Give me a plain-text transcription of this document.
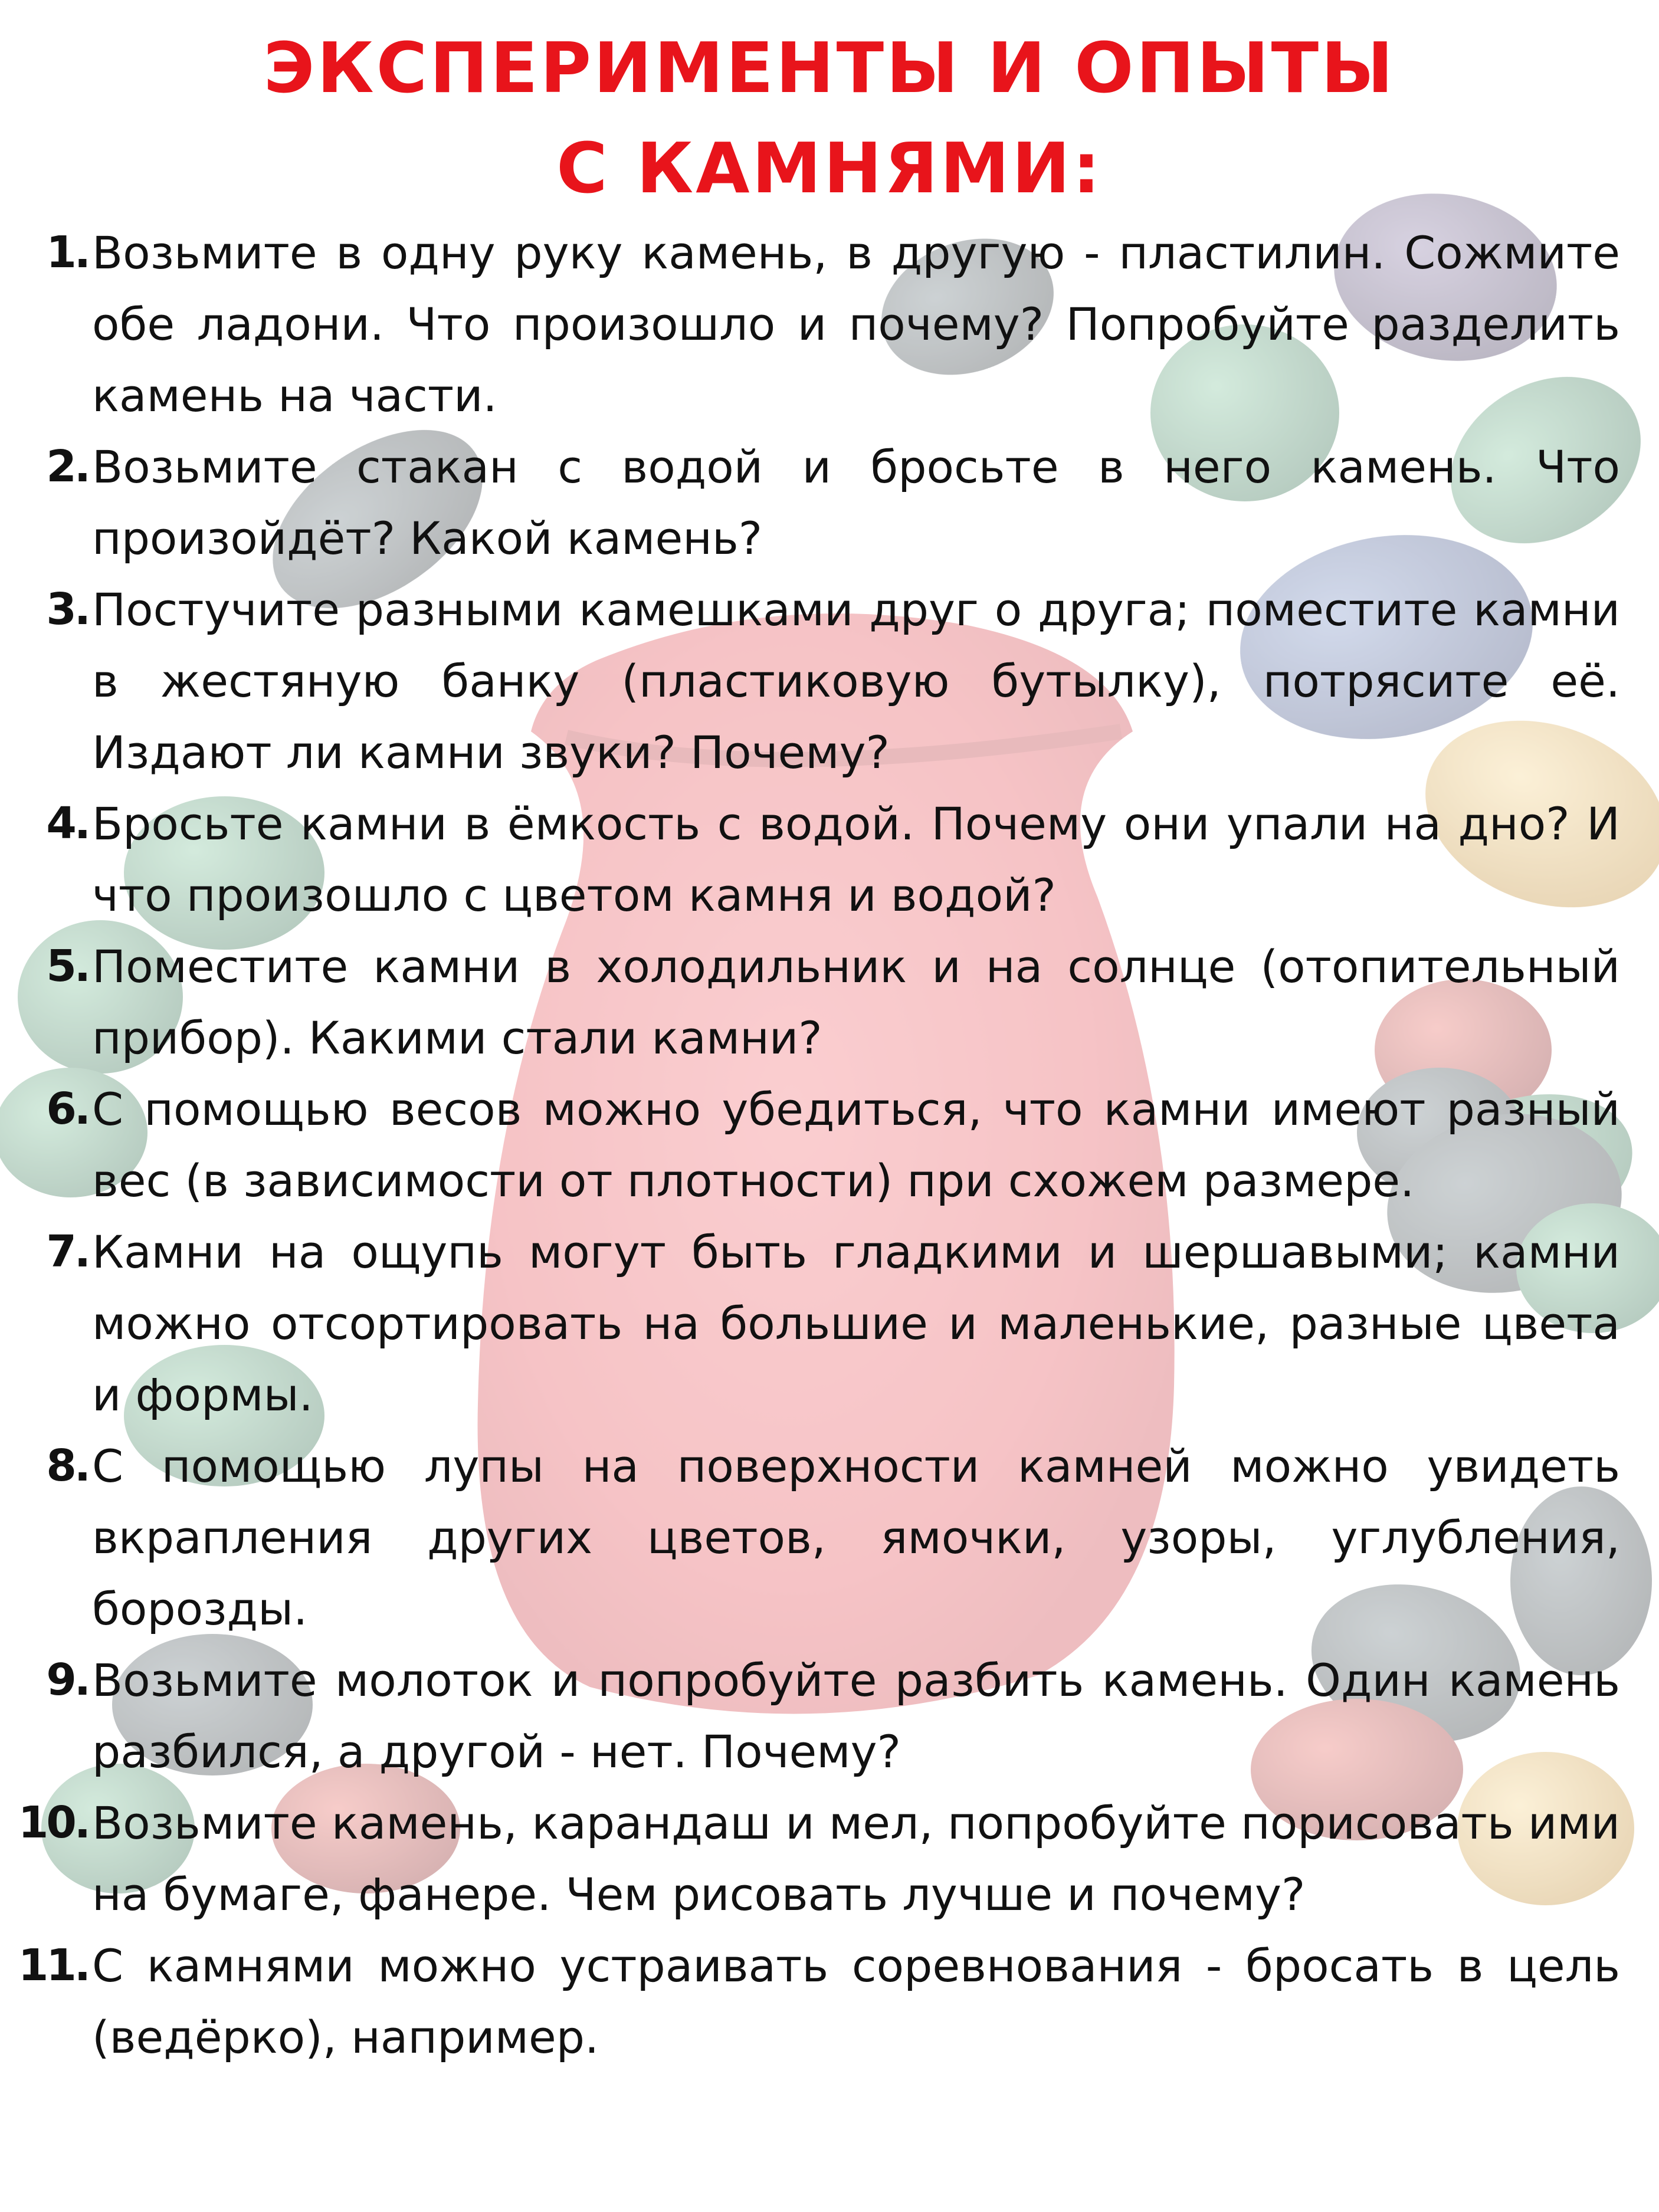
ЭКСПЕРИМЕНТЫ И ОПЫТЫ
С КАМНЯМИ:
1. Возьмите в одну руку камень, в другую - пластилин. Сожмите обе ладони. Что произошло и почему? Попробуйте разделить камень на части.
2. Возьмите стакан с водой и бросьте в него камень. Что произойдёт? Какой камень?
3. Постучите разными камешками друг о друга; поместите камни в жестяную банку (пластиковую бутылку), потрясите её. Издают ли камни звуки? Почему?
4. Бросьте камни в ёмкость с водой. Почему они упали на дно? И что произошло с цветом камня и водой?
5. Поместите камни в холодильник и на солнце (отопительный прибор). Какими стали камни?
6. С помощью весов можно убедиться, что камни имеют разный вес (в зависимости от плотности) при схожем размере.
7. Камни на ощупь могут быть гладкими и шершавыми; камни можно отсортировать на большие и маленькие, разные цвета и формы.
8. С помощью лупы на поверхности камней можно увидеть вкрапления других цветов, ямочки, узоры, углубления, борозды.
9. Возьмите молоток и попробуйте разбить камень. Один камень разбился, а другой - нет. Почему?
10. Возьмите камень, карандаш и мел, попробуйте порисовать ими на бумаге, фанере. Чем рисовать лучше и почему?
11. С камнями можно устраивать соревнования - бросать в цель (ведёрко), например.
